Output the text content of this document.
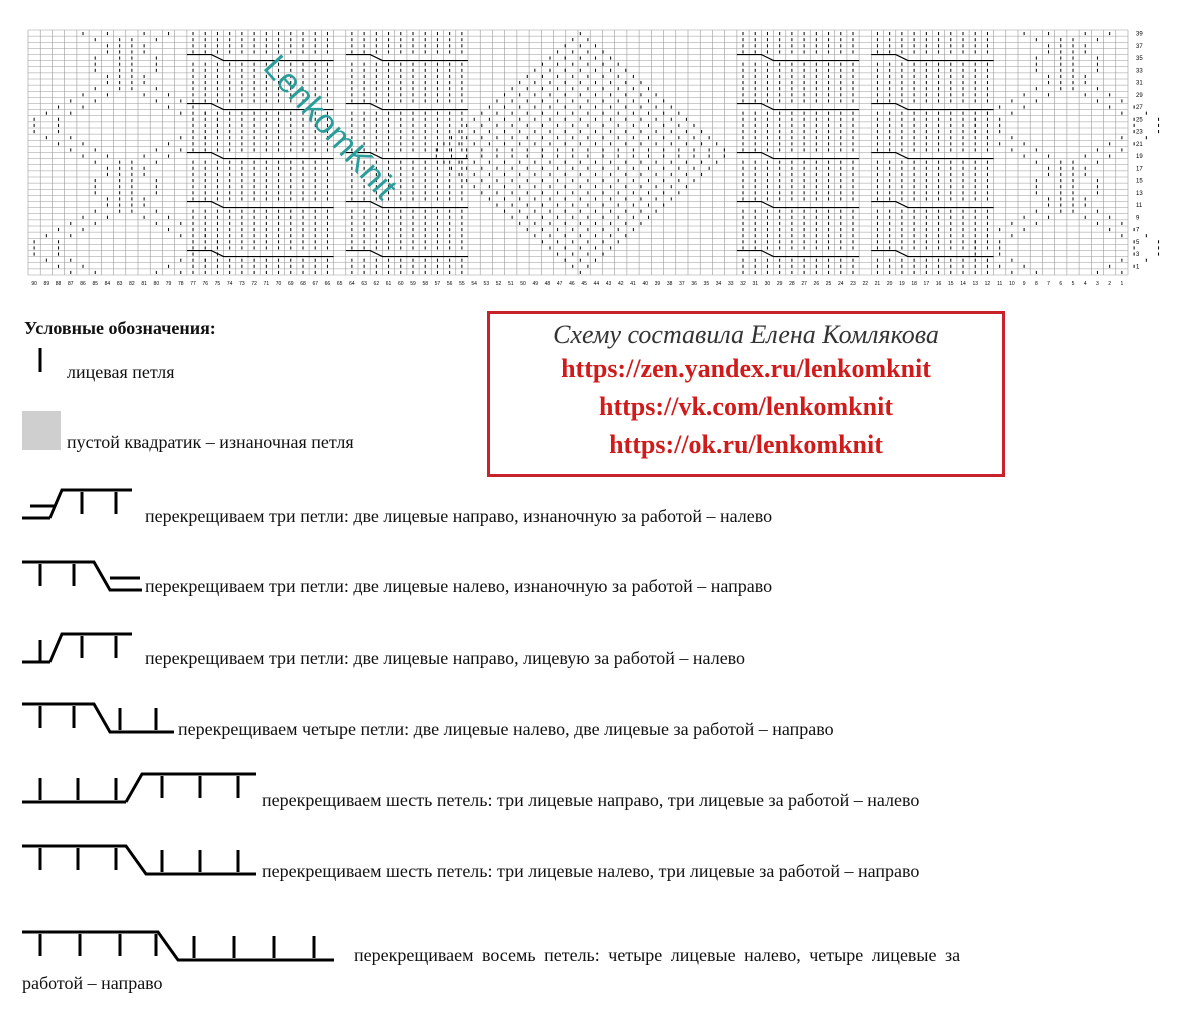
39
37
35
33
31
29
27
25
23
21
19
17
15
13
11
9
7
5
3
1
90 89 88 87 86 85 84 83 82 81 80 79 78 77 76 75 74 73 72 71 70 69 68 67 66 65 64 63 62 61 60 59 58 57 56 55 54 53 52 51 50 49 48 47 46 45 44 43 42 41 40 39 38 37 36 35 34 33 32 31 30 29 28 27 26 25 24 23 22 21 20 19 18 17 16 15 14 13 12 11 10 9 8 7 6 5 4 3 2 1
LenkomKnit
Условные обозначения:
лицевая петля
пустой квадратик – изнаночная петля
перекрещиваем три петли: две лицевые направо, изнаночную за работой – налево
перекрещиваем три петли: две лицевые налево, изнаночную за работой – направо
перекрещиваем три петли: две лицевые направо, лицевую за работой – налево
перекрещиваем четыре петли: две лицевые налево, две лицевые за работой – направо
перекрещиваем шесть петель: три лицевые направо, три лицевые за работой – налево
перекрещиваем шесть петель: три лицевые налево, три лицевые за работой – направо
перекрещиваем восемь петель: четыре лицевые налево, четыре лицевые за
работой – направо
Схему составила Елена Комлякова
https://zen.yandex.ru/lenkomknit
https://vk.com/lenkomknit
https://ok.ru/lenkomknit
